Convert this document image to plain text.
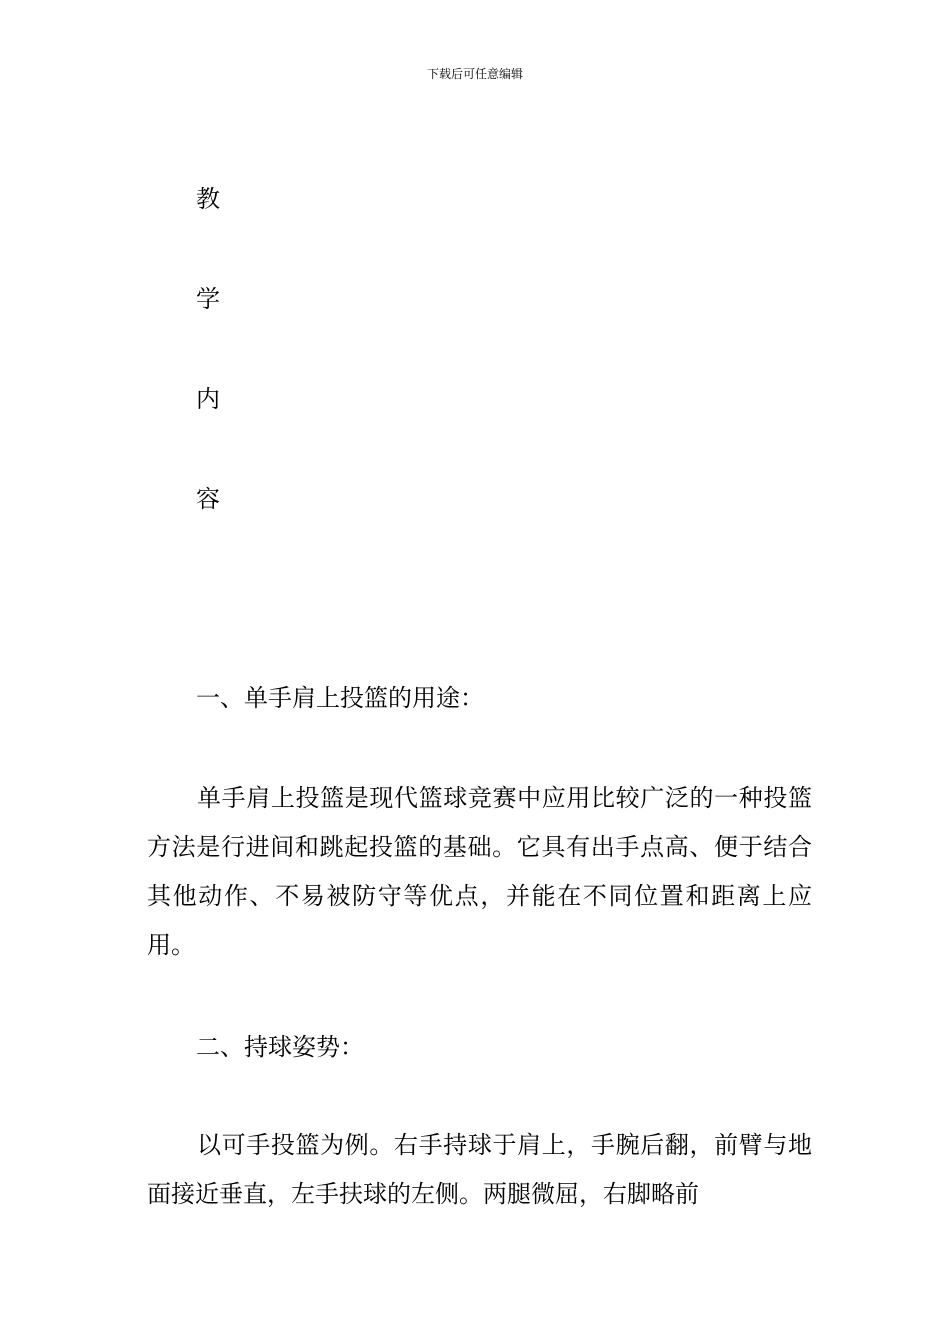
下载后可任意编辑
教
学
内
容
一、单手肩上投篮的用途：
单手肩上投篮是现代篮球竞赛中应用比较广泛的一种投篮方法是行进间和跳起投篮的基础。它具有出手点高、便于结合其他动作、不易被防守等优点，并能在不同位置和距离上应用。
二、持球姿势：
以可手投篮为例。右手持球于肩上，手腕后翻，前臂与地面接近垂直，左手扶球的左侧。两腿微屈，右脚略前
